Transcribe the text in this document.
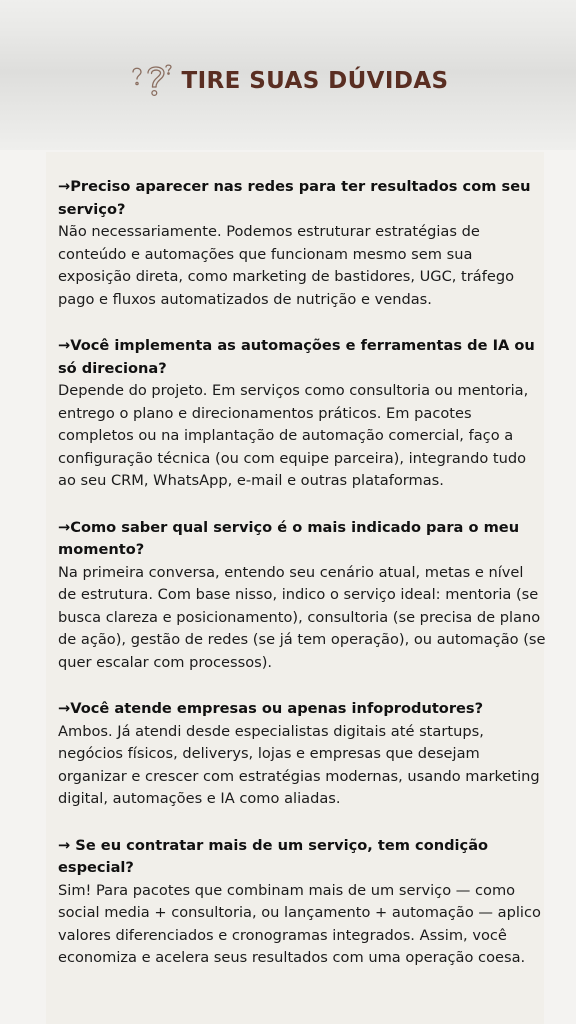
TIRE SUAS DÚVIDAS

→Preciso aparecer nas redes para ter resultados com seu serviço?

Não necessariamente. Podemos estruturar estratégias de conteúdo e automações que funcionam mesmo sem sua exposição direta, como marketing de bastidores, UGC, tráfego pago e fluxos automatizados de nutrição e vendas.

→Você implementa as automações e ferramentas de IA ou só direciona?

Depende do projeto. Em serviços como consultoria ou mentoria, entrego o plano e direcionamentos práticos. Em pacotes completos ou na implantação de automação comercial, faço a configuração técnica (ou com equipe parceira), integrando tudo ao seu CRM, WhatsApp, e-mail e outras plataformas.

→Como saber qual serviço é o mais indicado para o meu momento?

Na primeira conversa, entendo seu cenário atual, metas e nível de estrutura. Com base nisso, indico o serviço ideal: mentoria (se busca clareza e posicionamento), consultoria (se precisa de plano de ação), gestão de redes (se já tem operação), ou automação (se quer escalar com processos).

→Você atende empresas ou apenas infoprodutores?

Ambos. Já atendi desde especialistas digitais até startups, negócios físicos, deliverys, lojas e empresas que desejam organizar e crescer com estratégias modernas, usando marketing digital, automações e IA como aliadas.

→ Se eu contratar mais de um serviço, tem condição especial?

Sim! Para pacotes que combinam mais de um serviço — como social media + consultoria, ou lançamento + automação — aplico valores diferenciados e cronogramas integrados. Assim, você economiza e acelera seus resultados com uma operação coesa.
